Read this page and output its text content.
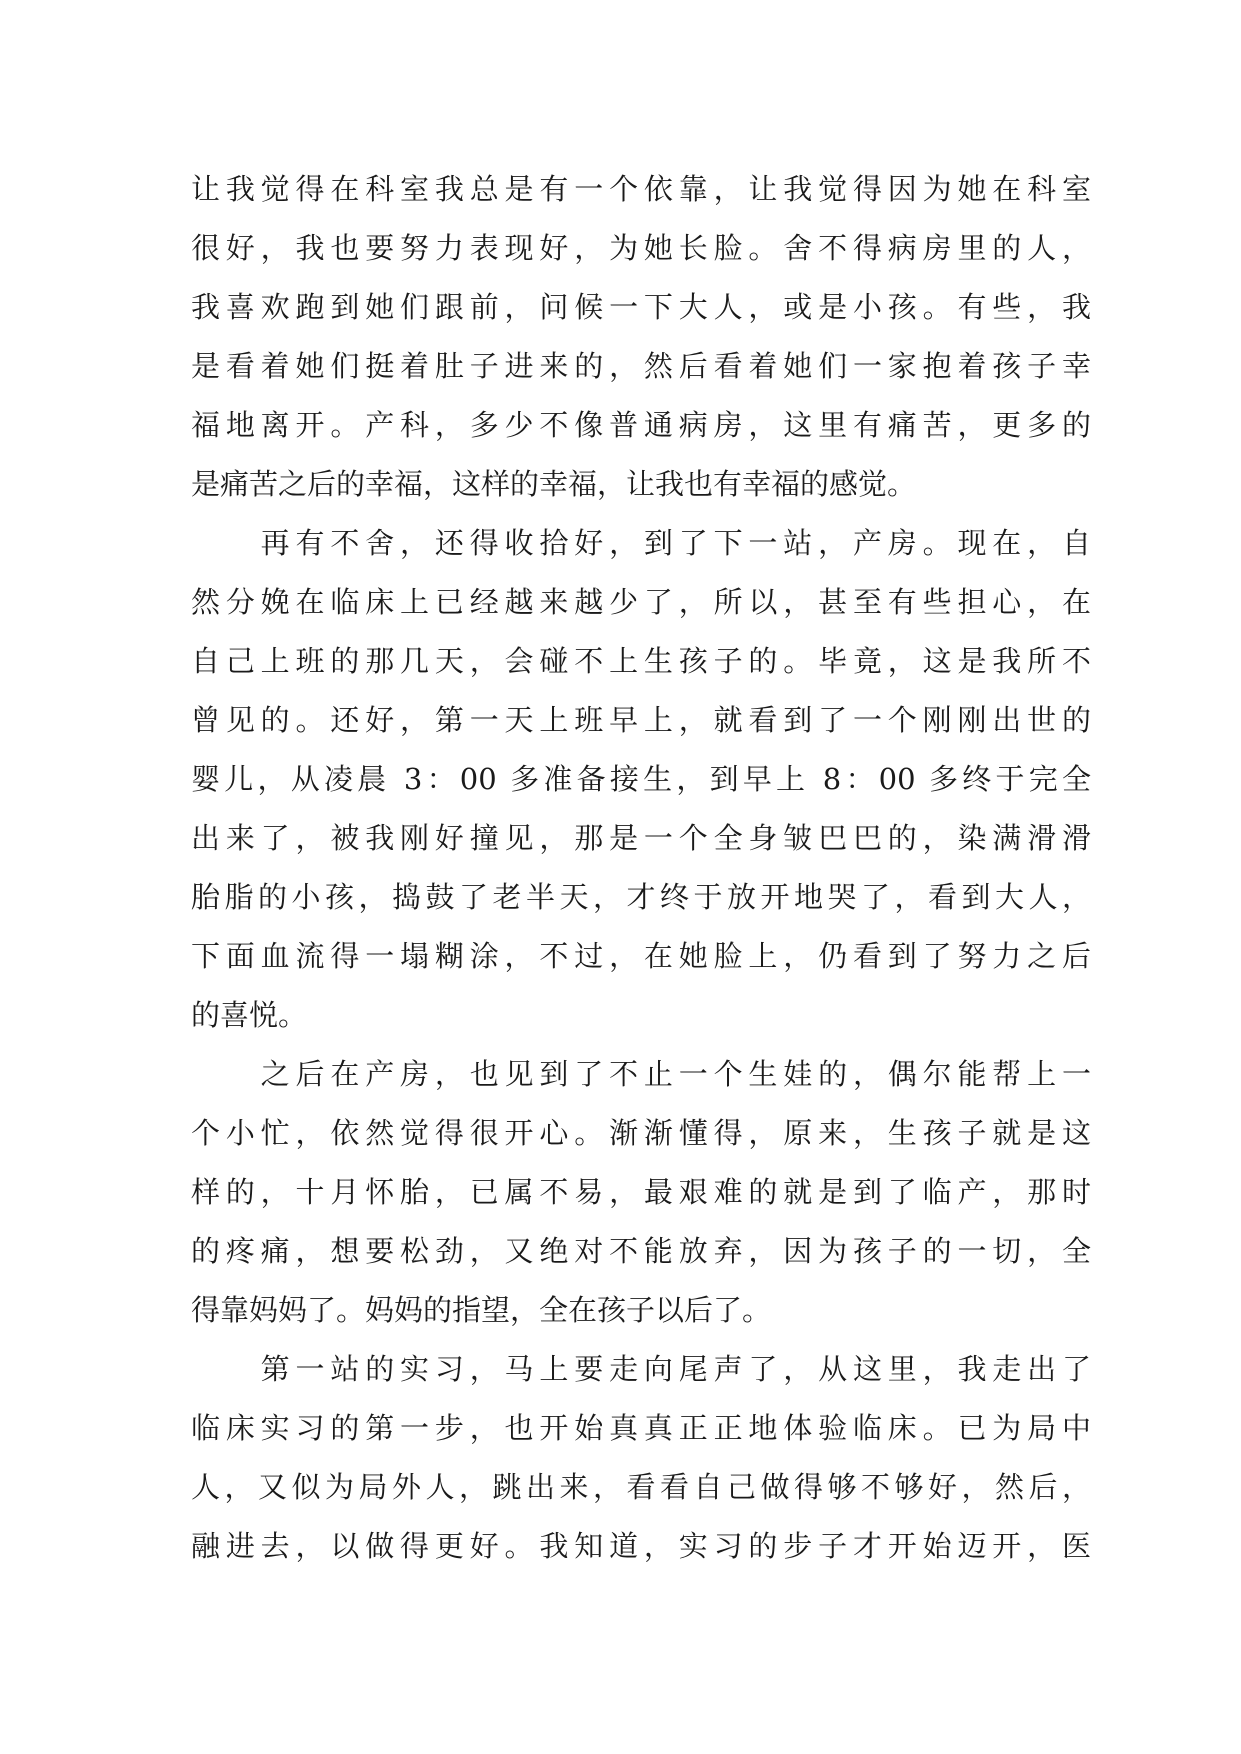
让我觉得在科室我总是有一个依靠，让我觉得因为她在科室
很好，我也要努力表现好，为她长脸。舍不得病房里的人，
我喜欢跑到她们跟前，问候一下大人，或是小孩。有些，我
是看着她们挺着肚子进来的，然后看着她们一家抱着孩子幸
福地离开。产科，多少不像普通病房，这里有痛苦，更多的
是痛苦之后的幸福，这样的幸福，让我也有幸福的感觉。
　　再有不舍，还得收拾好，到了下一站，产房。现在，自
然分娩在临床上已经越来越少了，所以，甚至有些担心，在
自己上班的那几天，会碰不上生孩子的。毕竟，这是我所不
曾见的。还好，第一天上班早上，就看到了一个刚刚出世的
婴儿，从凌晨 3：00 多准备接生，到早上 8：00 多终于完全
出来了，被我刚好撞见，那是一个全身皱巴巴的，染满滑滑
胎脂的小孩，捣鼓了老半天，才终于放开地哭了，看到大人，
下面血流得一塌糊涂，不过，在她脸上，仍看到了努力之后
的喜悦。
　　之后在产房，也见到了不止一个生娃的，偶尔能帮上一
个小忙，依然觉得很开心。渐渐懂得，原来，生孩子就是这
样的，十月怀胎，已属不易，最艰难的就是到了临产，那时
的疼痛，想要松劲，又绝对不能放弃，因为孩子的一切，全
得靠妈妈了。妈妈的指望，全在孩子以后了。
　　第一站的实习，马上要走向尾声了，从这里，我走出了
临床实习的第一步，也开始真真正正地体验临床。已为局中
人，又似为局外人，跳出来，看看自己做得够不够好，然后，
融进去，以做得更好。我知道，实习的步子才开始迈开，医
